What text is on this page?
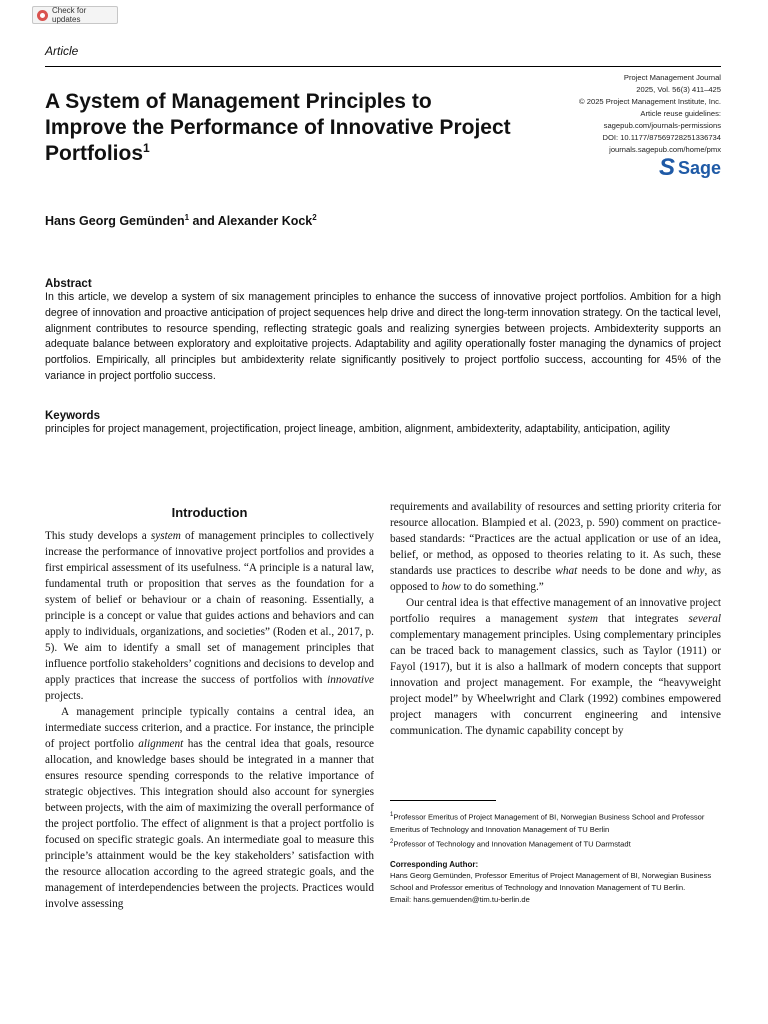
Check for updates
Article
A System of Management Principles to Improve the Performance of Innovative Project Portfolios$^1$
Project Management Journal
2025, Vol. 56(3) 411–425
© 2025 Project Management Institute, Inc.
Article reuse guidelines:
sagepub.com/journals-permissions
DOI: 10.1177/87569728251336734
journals.sagepub.com/home/pmx
S Sage
Hans Georg Gemünden$^1$ and Alexander Kock$^2$
Abstract

In this article, we develop a system of six management principles to enhance the success of innovative project portfolios. Ambition for a high degree of innovation and proactive anticipation of project sequences help drive and direct the long-term innovation strategy. On the tactical level, alignment contributes to resource spending, reflecting strategic goals and realizing synergies between projects. Ambidexterity supports an adequate balance between exploratory and exploitative projects. Adaptability and agility operationally foster managing the dynamics of project portfolios. Empirically, all principles but ambidexterity relate significantly positively to project portfolio success, accounting for 45% of the variance in project portfolio success.

Keywords

principles for project management, projectification, project lineage, ambition, alignment, ambidexterity, adaptability, anticipation, agility

Introduction

This study develops a system of management principles to collectively increase the performance of innovative project portfolios and provides a first empirical assessment of its usefulness. “A principle is a natural law, fundamental truth or proposition that serves as the foundation for a system of belief or behaviour or a chain of reasoning. Essentially, a principle is a concept or value that guides actions and behaviors and can apply to individuals, organizations, and societies” (Roden et al., 2017, p. 5). We aim to identify a small set of management principles that influence portfolio stakeholders’ cognitions and decisions to develop and apply practices that increase the success of portfolios with innovative projects.

A management principle typically contains a central idea, an intermediate success criterion, and a practice. For instance, the principle of project portfolio alignment has the central idea that goals, resource allocation, and knowledge bases should be integrated in a manner that ensures resource spending corresponds to the relative importance of strategic objectives. This integration should also account for synergies between projects, with the aim of maximizing the overall performance of the project portfolio. The effect of alignment is that a project portfolio is focused on specific strategic goals. An intermediate goal to measure this principle’s attainment would be the key stakeholders’ satisfaction with the resource allocation according to the agreed strategic goals, and the management of interdependencies between the projects. Practices would involve assessing

requirements and availability of resources and setting priority criteria for resource allocation. Blampied et al. (2023, p. 590) comment on practice-based standards: “Practices are the actual application or use of an idea, belief, or method, as opposed to theories relating to it. As such, these standards use practices to describe what needs to be done and why, as opposed to how to do something.”

Our central idea is that effective management of an innovative project portfolio requires a management system that integrates several complementary management principles. Using complementary principles can be traced back to management classics, such as Taylor (1911) or Fayol (1917), but it is also a hallmark of modern concepts that support innovation and project management. For example, the “heavyweight project model” by Wheelwright and Clark (1992) combines empowered project managers with concurrent engineering and intensive communication. The dynamic capability concept by

$^1$Professor Emeritus of Project Management of BI, Norwegian Business School and Professor Emeritus of Technology and Innovation Management of TU Berlin

$^2$Professor of Technology and Innovation Management of TU Darmstadt

Corresponding Author:

Hans Georg Gemünden, Professor Emeritus of Project Management of BI, Norwegian Business School and Professor emeritus of Technology and Innovation Management of TU Berlin.

Email: hans.gemuenden@tim.tu-berlin.de
